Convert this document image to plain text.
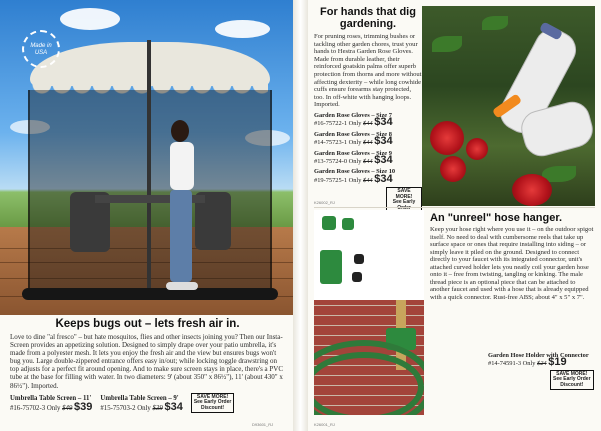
Made in USA
Keeps bugs out – lets fresh air in.
Love to dine "al fresco" – but hate mosquitos, flies and other insects joining you? Then our Insta-Screen provides an appetizing solution. Designed to simply drape over your patio umbrella, it's made from a polyester mesh. It lets you enjoy the fresh air and the view but ensures bugs won't bug you. Large double-zippered entrance offers easy in/out; while locking toggle drawstring on top adjusts for a perfect fit around opening. And to make sure screen stays in place, there's a PVC tube at the base for filling with water. In two diameters: 9' (about 350" x 86½"), 11' (about 430" x 86½"). Imported.
Umbrella Table Screen – 11'
#16-75702-3 Only $49 $39
Umbrella Table Screen – 9'
#15-75703-2 Only $39 $34
SAVE MORE!
See Early Order
Discount!
D93601_RJ
For hands that dig gardening.
For pruning roses, trimming bushes or tackling other garden chores, trust your hands to Hestra Garden Rose Gloves. Made from durable leather, their reinforced goatskin palms offer superb protection from thorns and more without affecting dexterity – while long cowhide cuffs ensure forearms stay protected, too. In off-white with hanging loops. Imported.
Garden Rose Gloves – Size 7
#16-75722-1 Only $44 $34
Garden Rose Gloves – Size 8
#14-75723-1 Only $44 $34
Garden Rose Gloves – Size 9
#13-75724-0 Only $44 $34
Garden Rose Gloves – Size 10
#19-75725-1 Only $44 $34
SAVE MORE!
See Early
K26002_RJ
An "unreel" hose hanger.
Keep your hose right where you use it – on the outdoor spigot itself. No need to deal with cumbersome reels that take up surface space or ones that require installing into siding – or simply leave it piled on the ground. Designed to connect directly to your faucet with its integrated connector, unit's attached curved holder lets you neatly coil your garden hose onto it – free from twisting, tangling or kinking. The male thread piece is an optional piece that can be attached to another faucet and used with a hose that is already equipped with a quick connector. Rust-free ABS; about 4" x 5" x 7".
Garden Hose Holder with Connector
#14-74591-3 Only $24 $19
SAVE MORE!
See Early Order
Discount!
K26001_RJ
